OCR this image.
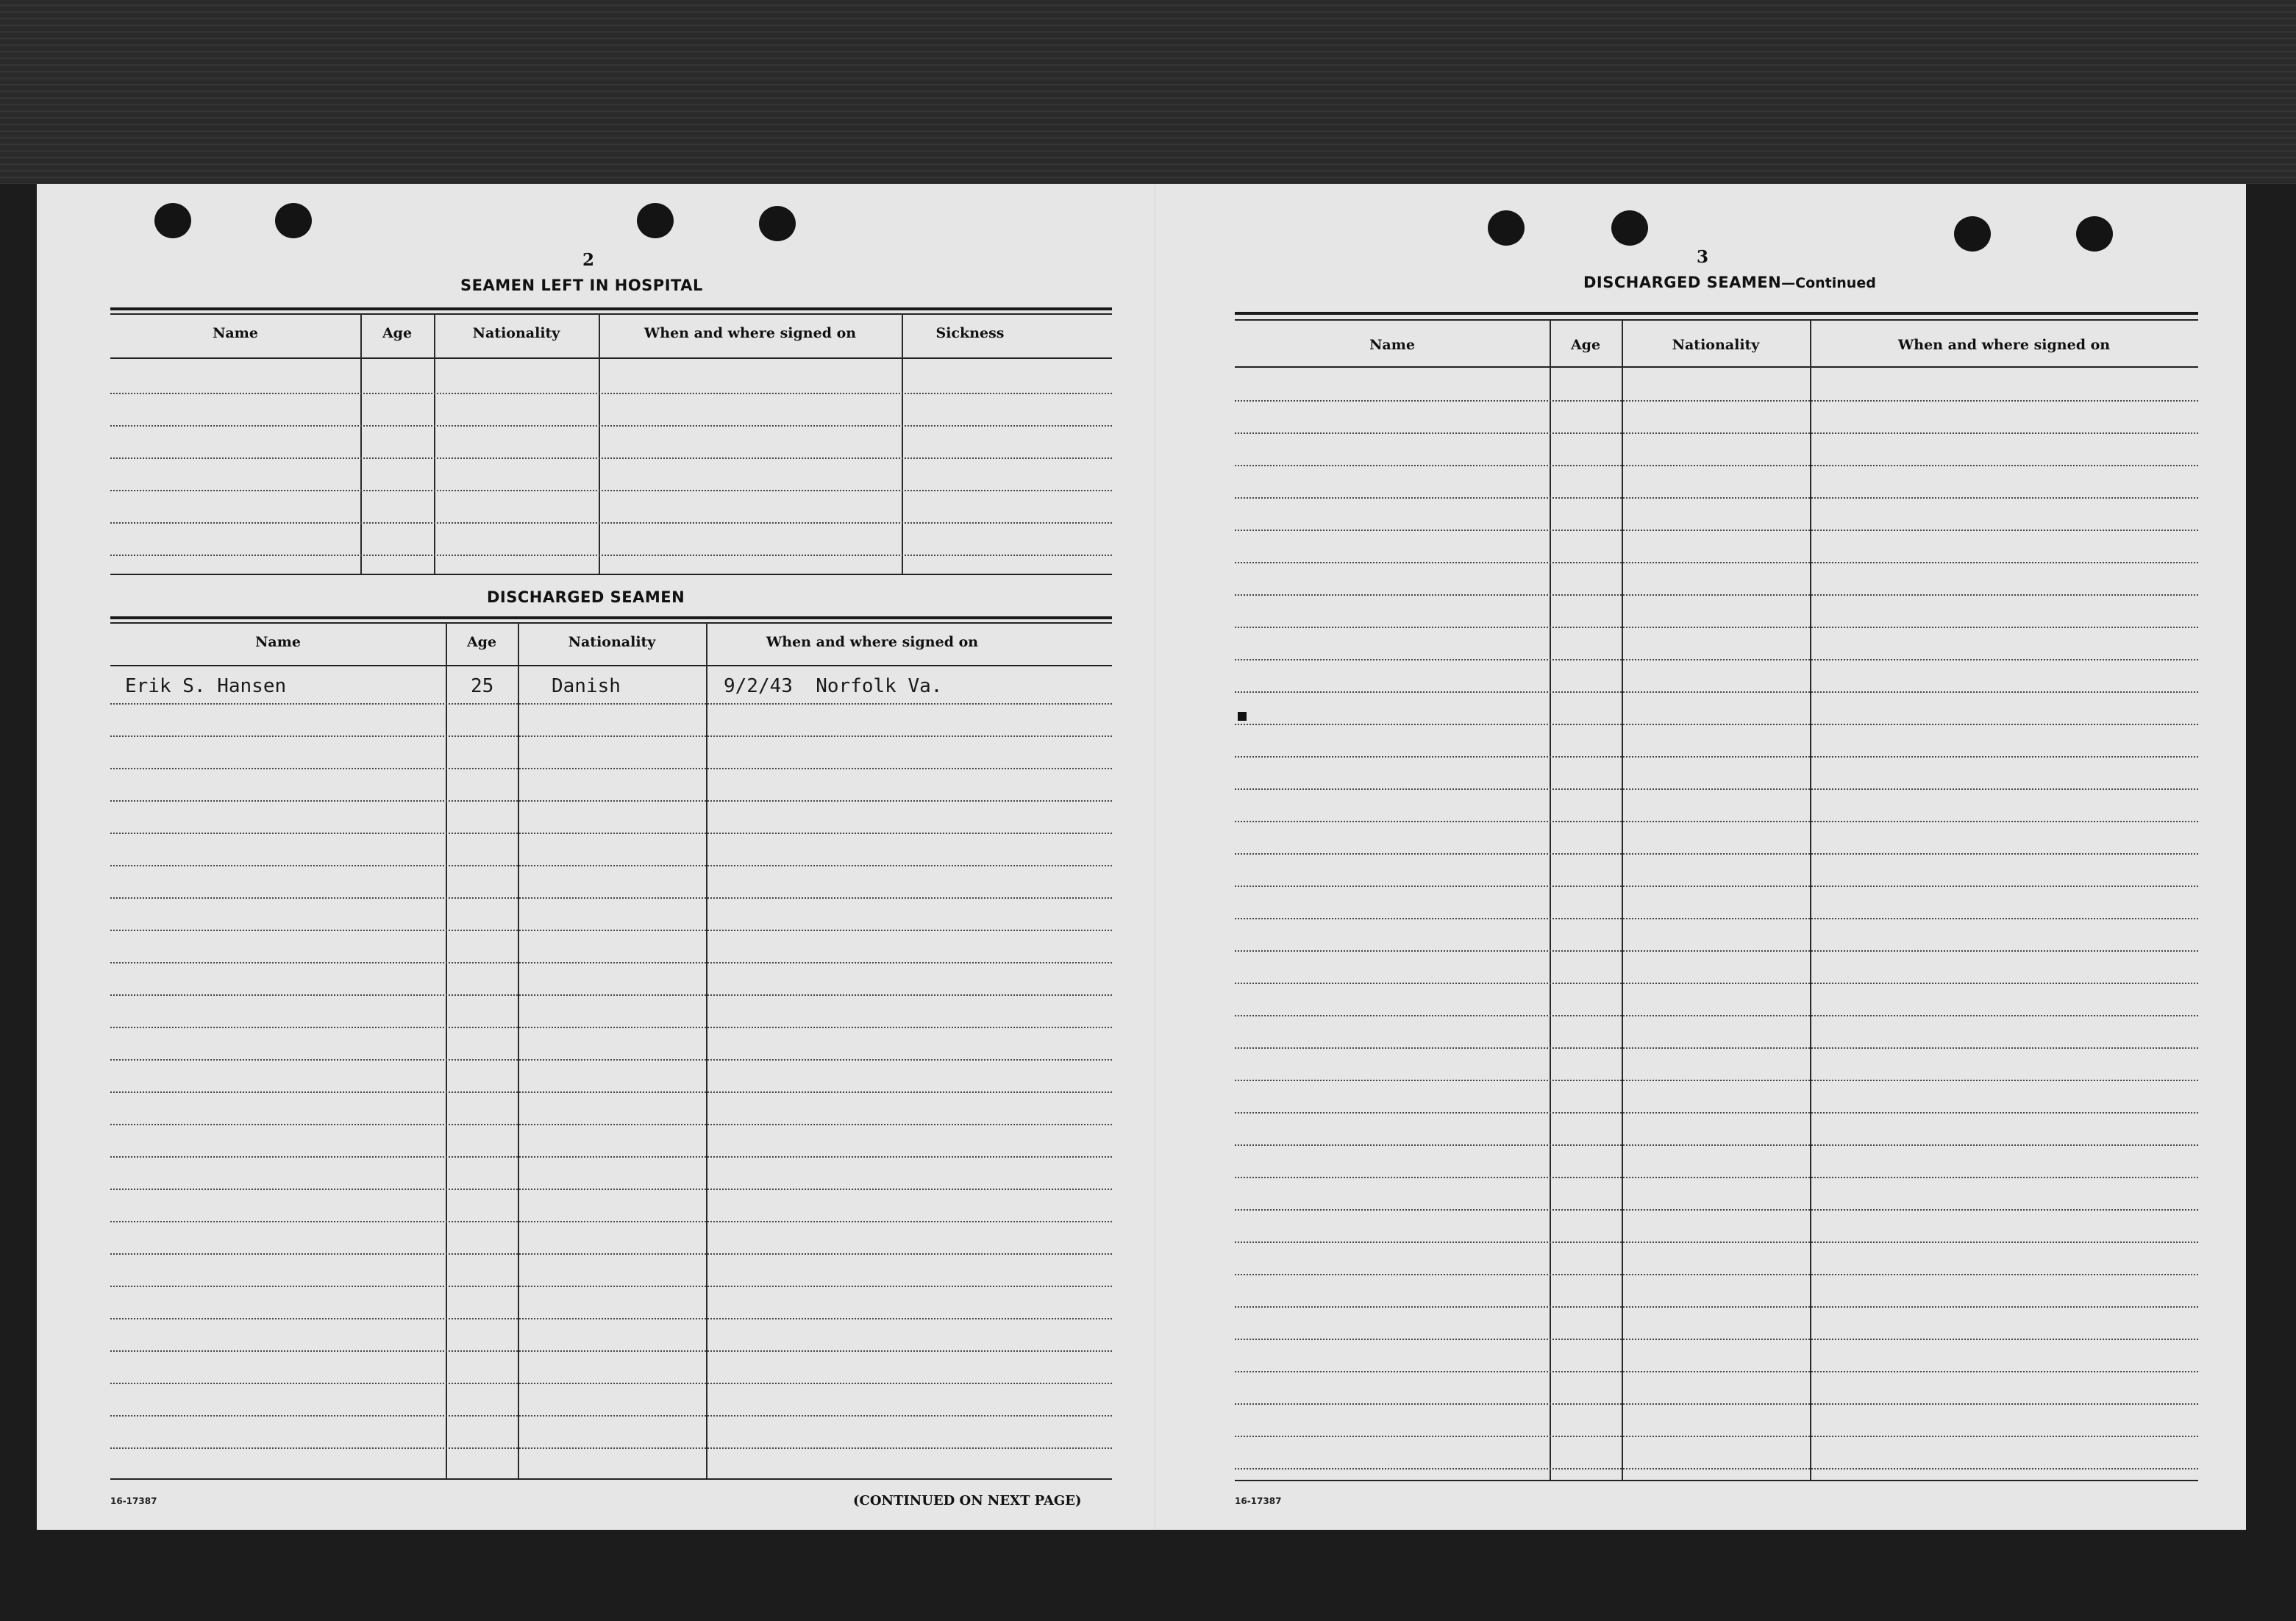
2
SEAMEN LEFT IN HOSPITAL
Name	Age	Nationality	When and where signed on	Sickness
DISCHARGED SEAMEN
Name	Age	Nationality	When and where signed on
Erik S. Hansen	25	Danish	9/2/43  Norfolk Va.
16-17387	(CONTINUED ON NEXT PAGE)
3
DISCHARGED SEAMEN—Continued
Name	Age	Nationality	When and where signed on
16-17387
